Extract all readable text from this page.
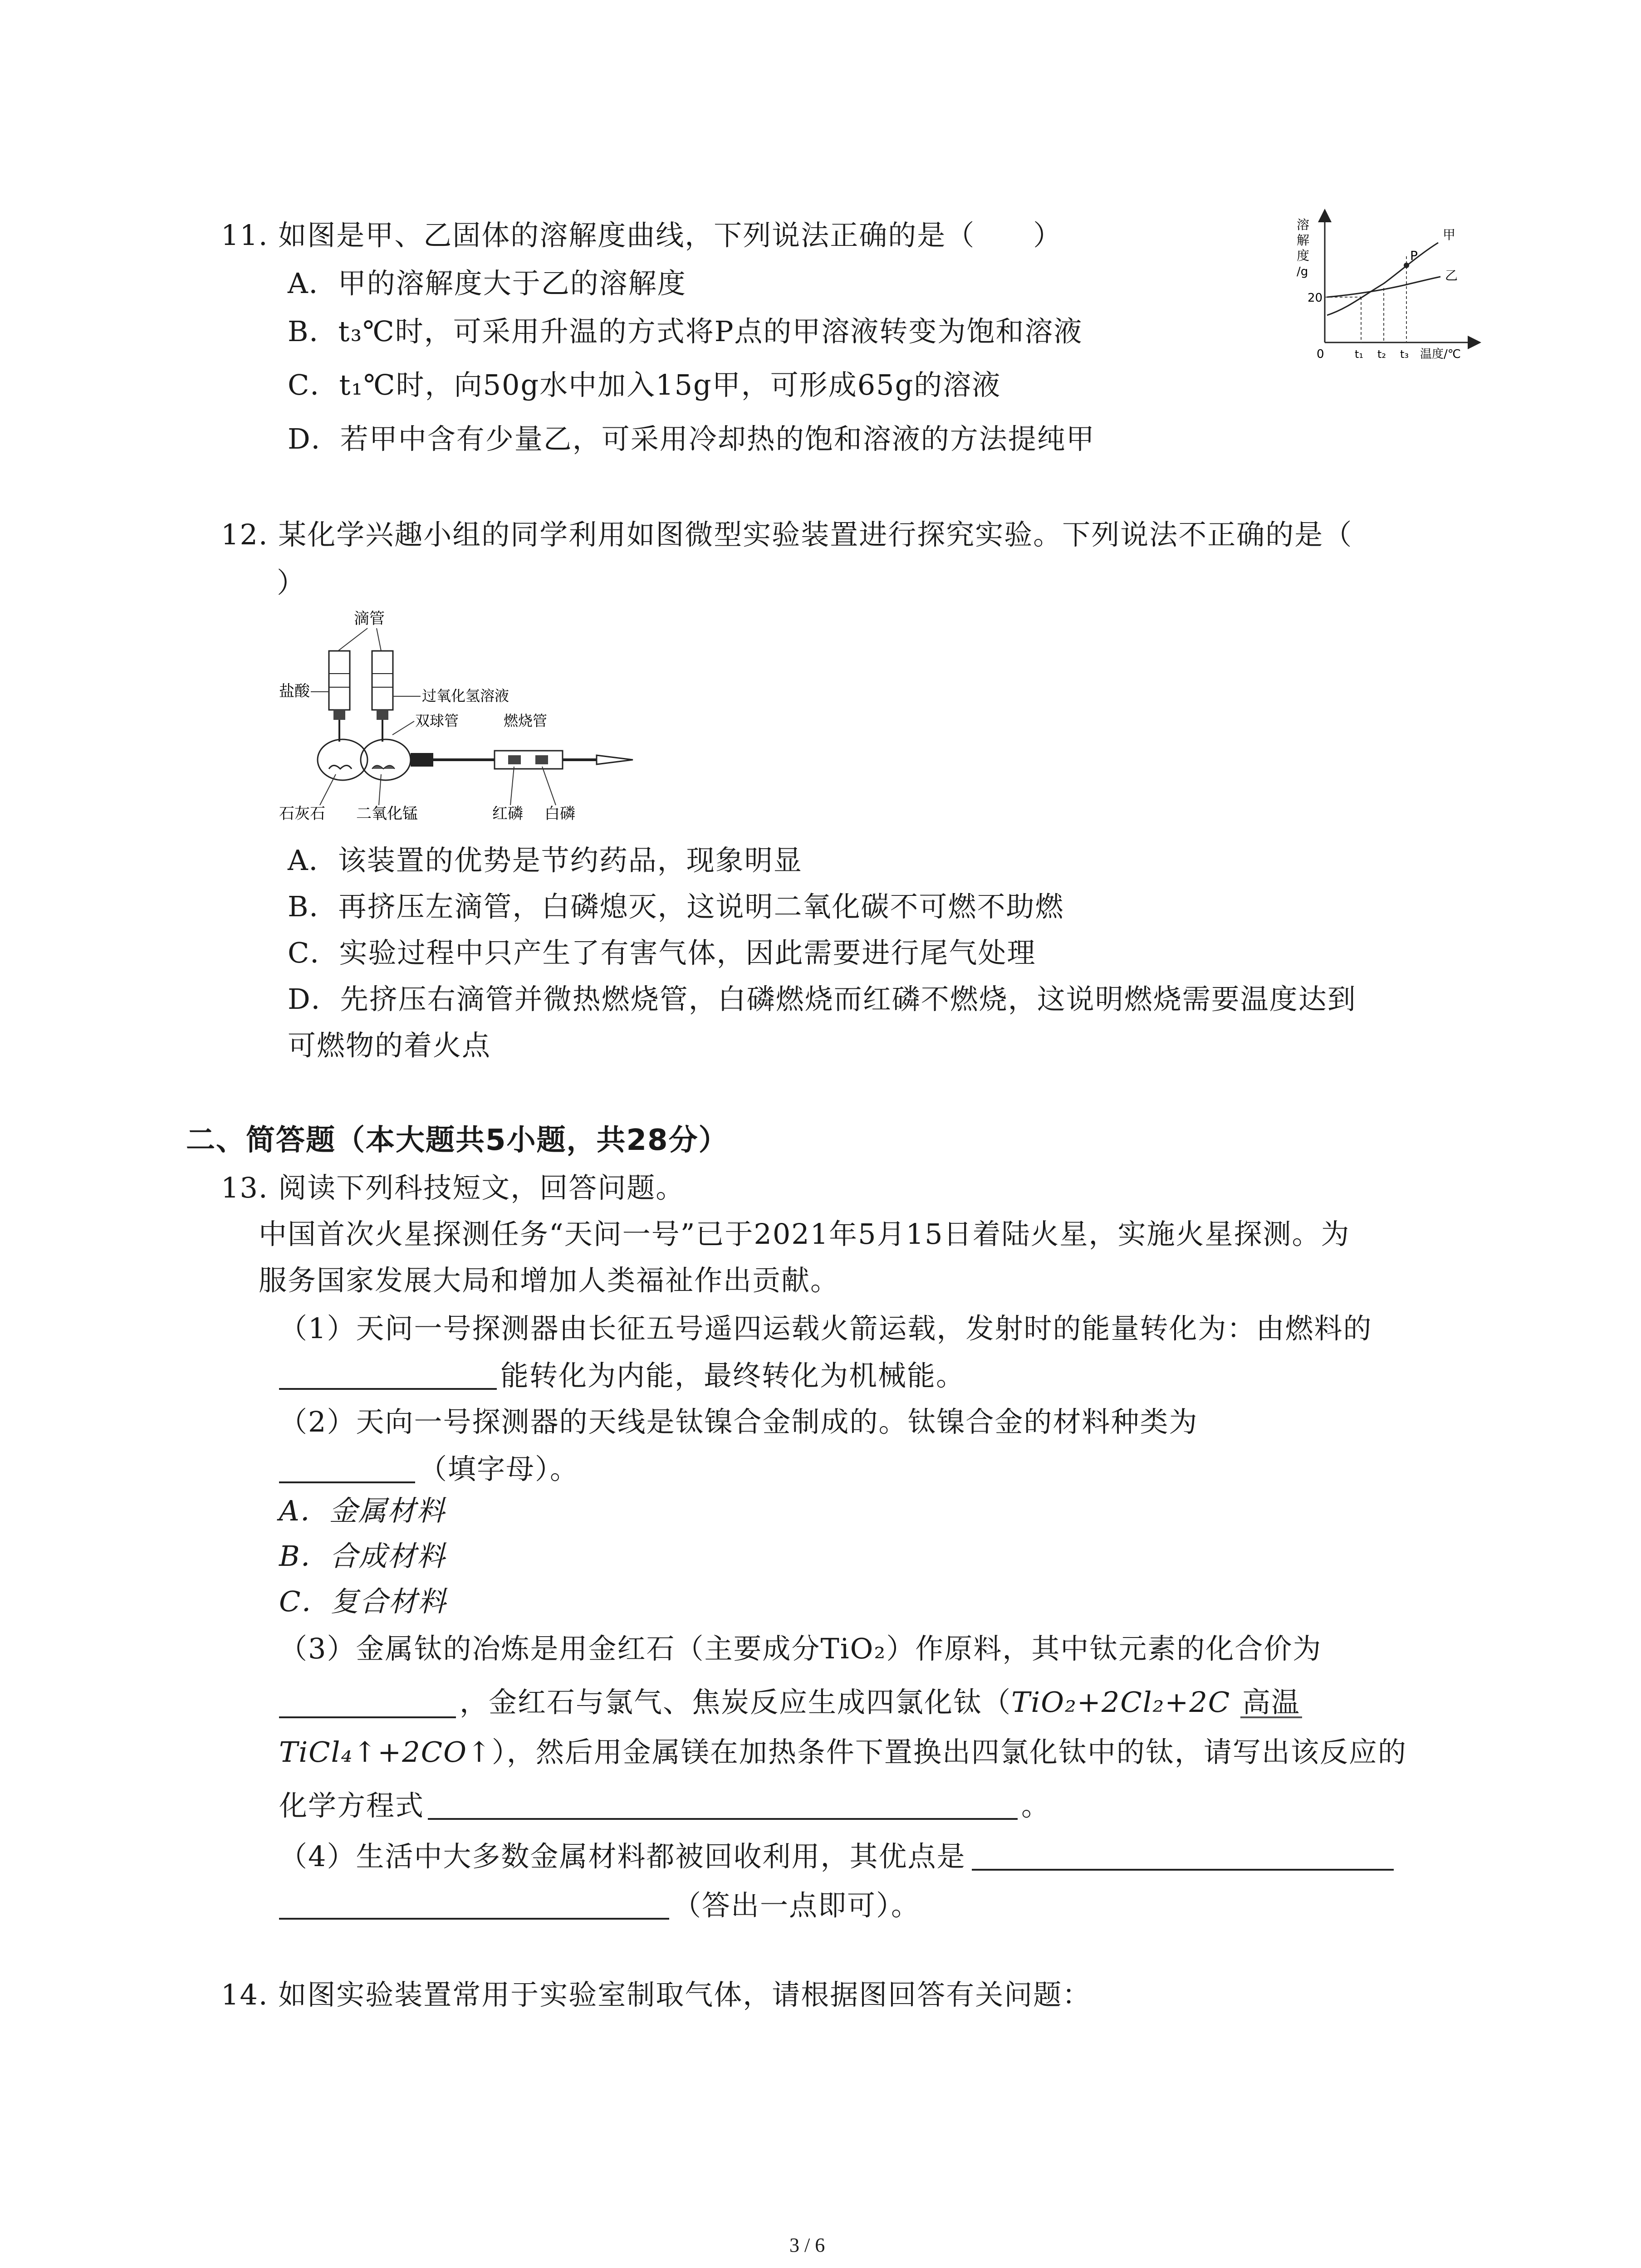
11. 如图是甲、乙固体的溶解度曲线，下列说法正确的是（　　）
A．甲的溶解度大于乙的溶解度
B．t₃℃时，可采用升温的方式将P点的甲溶液转变为饱和溶液
C．t₁℃时，向50g水中加入15g甲，可形成65g的溶液
D．若甲中含有少量乙，可采用冷却热的饱和溶液的方法提纯甲
溶
解
度
/g
20
P
甲
乙
0	t₁ t₂ t₃ 温度/℃
12. 某化学兴趣小组的同学利用如图微型实验装置进行探究实验。下列说法不正确的是（
）
滴管
盐酸	过氧化氢溶液
双球管	燃烧管
石灰石 二氧化锰	红磷 白磷
A．该装置的优势是节约药品，现象明显
B．再挤压左滴管，白磷熄灭，这说明二氧化碳不可燃不助燃
C．实验过程中只产生了有害气体，因此需要进行尾气处理
D．先挤压右滴管并微热燃烧管，白磷燃烧而红磷不燃烧，这说明燃烧需要温度达到
可燃物的着火点
二、简答题（本大题共5小题，共28分）
13. 阅读下列科技短文，回答问题。
中国首次火星探测任务“天问一号”已于2021年5月15日着陆火星，实施火星探测。为
服务国家发展大局和增加人类福祉作出贡献。
（1）天问一号探测器由长征五号遥四运载火箭运载，发射时的能量转化为：由燃料的
能转化为内能，最终转化为机械能。
（2）天向一号探测器的天线是钛镍合金制成的。钛镍合金的材料种类为
（填字母）。
A．金属材料
B．合成材料
C．复合材料
（3）金属钛的冶炼是用金红石（主要成分TiO₂）作原料，其中钛元素的化合价为
，金红石与氯气、焦炭反应生成四氯化钛（TiO₂+2Cl₂+2C 高温
TiCl₄↑+2CO↑），然后用金属镁在加热条件下置换出四氯化钛中的钛，请写出该反应的
化学方程式	。
（4）生活中大多数金属材料都被回收利用，其优点是
（答出一点即可）。
14. 如图实验装置常用于实验室制取气体，请根据图回答有关问题：
3 / 6
